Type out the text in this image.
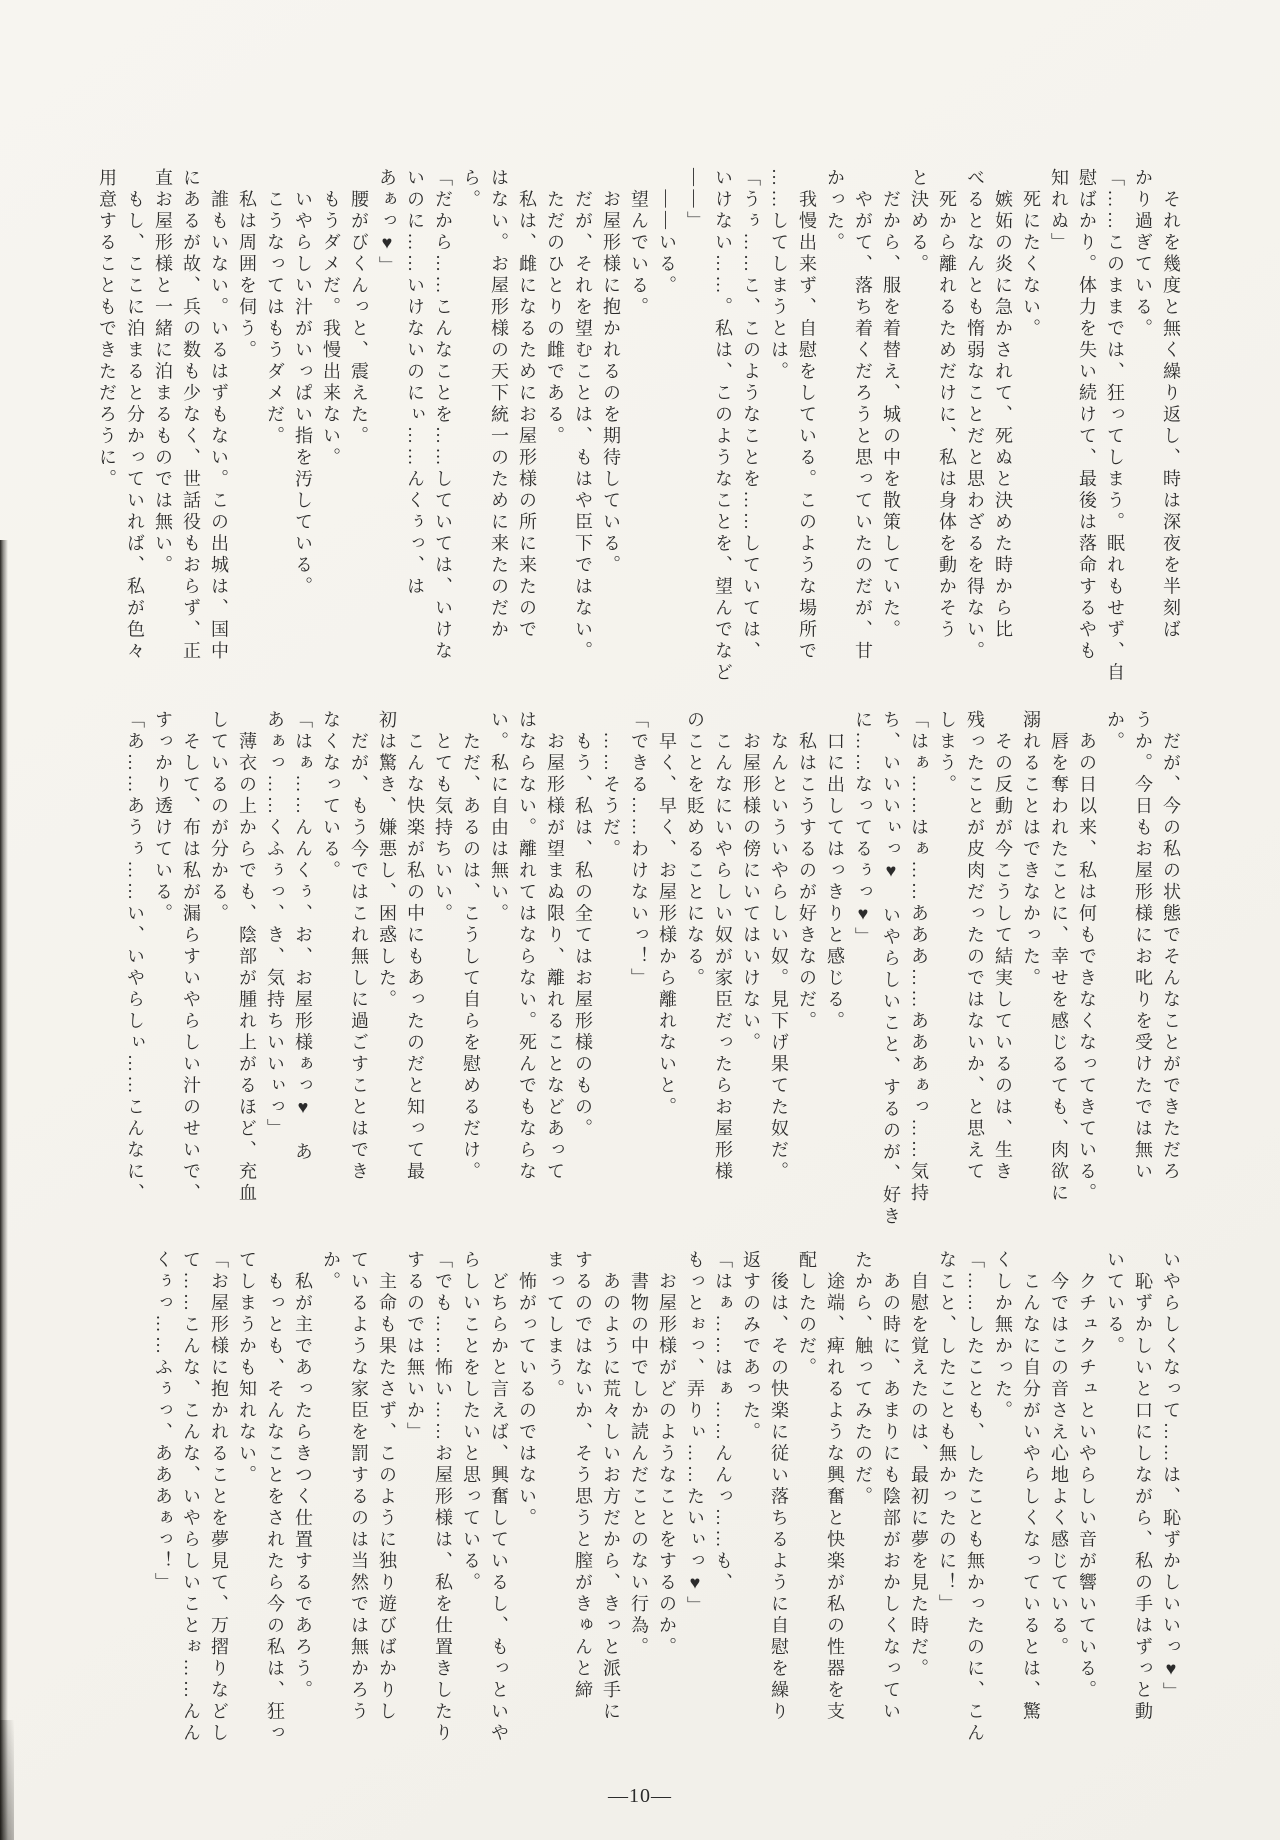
　それを幾度と無く繰り返し、時は深夜を半刻ば
かり過ぎている。
「……このままでは、狂ってしまう。眠れもせず、自
慰ばかり。体力を失い続けて、最後は落命するやも
知れぬ」
　死にたくない。
　嫉妬の炎に急かされて、死ぬと決めた時から比
べるとなんとも惰弱なことだと思わざるを得ない。
　死から離れるためだけに、私は身体を動かそう
と決める。
　だから、服を着替え、城の中を散策していた。
　やがて、落ち着くだろうと思っていたのだが、甘
かった。
　我慢出来ず、自慰をしている。このような場所で
……してしまうとは。
「うぅ……こ、このようなことを……していては、
いけない……。私は、このようなことを、望んでなど
――」
　――いる。
　望んでいる。
　お屋形様に抱かれるのを期待している。
　だが、それを望むことは、もはや臣下ではない。
　ただのひとりの雌である。
　私は、雌になるためにお屋形様の所に来たので
はない。お屋形様の天下統一のために来たのだか
ら。
「だから……こんなことを……していては、いけな
いのに……いけないのにぃ……んくぅっ、は
あぁっ♥」
　腰がびくんっと、震えた。
　もうダメだ。我慢出来ない。
　いやらしい汁がいっぱい指を汚している。
　こうなってはもうダメだ。
　私は周囲を伺う。
　誰もいない。いるはずもない。この出城は、国中
にあるが故、兵の数も少なく、世話役もおらず、正
直お屋形様と一緒に泊まるものでは無い。
　もし、ここに泊まると分かっていれば、私が色々
用意することもできただろうに。
　だが、今の私の状態でそんなことができただろ
うか。今日もお屋形様にお叱りを受けたでは無い
か。
　あの日以来、私は何もできなくなってきている。
　唇を奪われたことに、幸せを感じるても、肉欲に
溺れることはできなかった。
　その反動が今こうして結実しているのは、生き
残ったことが皮肉だったのではないか、と思えて
しまう。
「はぁ……はぁ……あああ……あああぁっ……気持
ち、いいいぃっ♥　いやらしいこと、するのが、好き
に……なってるぅっ♥」
　口に出してはっきりと感じる。
　私はこうするのが好きなのだ。
　なんといういやらしい奴。見下げ果てた奴だ。
　お屋形様の傍にいてはいけない。
　こんなにいやらしい奴が家臣だったらお屋形様
のことを貶めることになる。
　早く、早く、お屋形様から離れないと。
「できる……わけないっ！」
　……そうだ。
　もう、私は、私の全てはお屋形様のもの。
　お屋形様が望まぬ限り、離れることなどあって
はならない。離れてはならない。死んでもならな
い。私に自由は無い。
　ただ、あるのは、こうして自らを慰めるだけ。
　とても気持ちいい。
　こんな快楽が私の中にもあったのだと知って最
初は驚き、嫌悪し、困惑した。
　だが、もう今ではこれ無しに過ごすことはでき
なくなっている。
「はぁ……んんくぅ、お、お屋形様ぁっ♥　あ
あぁっ……くふぅっ、き、気持ちいいぃっ」
　薄衣の上からでも、陰部が腫れ上がるほど、充血
しているのが分かる。
　そして、布は私が漏らすいやらしい汁のせいで、
すっかり透けている。
「あ……あうぅ……い、いやらしぃ……こんなに、
いやらしくなって……は、恥ずかしいいっ♥」
　恥ずかしいと口にしながら、私の手はずっと動
いている。
　クチュクチュといやらしい音が響いている。
　今ではこの音さえ心地よく感じている。
　こんなに自分がいやらしくなっているとは、驚
くしか無かった。
「……したことも、したことも無かったのに、こん
なこと、したことも無かったのに！」
　自慰を覚えたのは、最初に夢を見た時だ。
　あの時に、あまりにも陰部がおかしくなってい
たから、触ってみたのだ。
　途端、痺れるような興奮と快楽が私の性器を支
配したのだ。
　後は、その快楽に従い落ちるように自慰を繰り
返すのみであった。
「はぁ……はぁ……んんっ……も、
もっとぉっ、弄りぃ……たいぃっ♥」
　お屋形様がどのようなことをするのか。
　書物の中でしか読んだことのない行為。
　あのように荒々しいお方だから、きっと派手に
するのではないか、そう思うと膣がきゅんと締
まってしまう。
　怖がっているのではない。
　どちらかと言えば、興奮しているし、もっといや
らしいことをしたいと思っている。
「でも……怖い……お屋形様は、私を仕置きしたり
するのでは無いか」
　主命も果たさず、このように独り遊びばかりし
ているような家臣を罰するのは当然では無かろう
か。
　私が主であったらきつく仕置するであろう。
　もっとも、そんなことをされたら今の私は、狂っ
てしまうかも知れない。
「お屋形様に抱かれることを夢見て、万摺りなどし
て……こんな、こんな、いやらしいことぉ……んん
くぅっ……ふぅっ、あああぁっ！」
―10―
